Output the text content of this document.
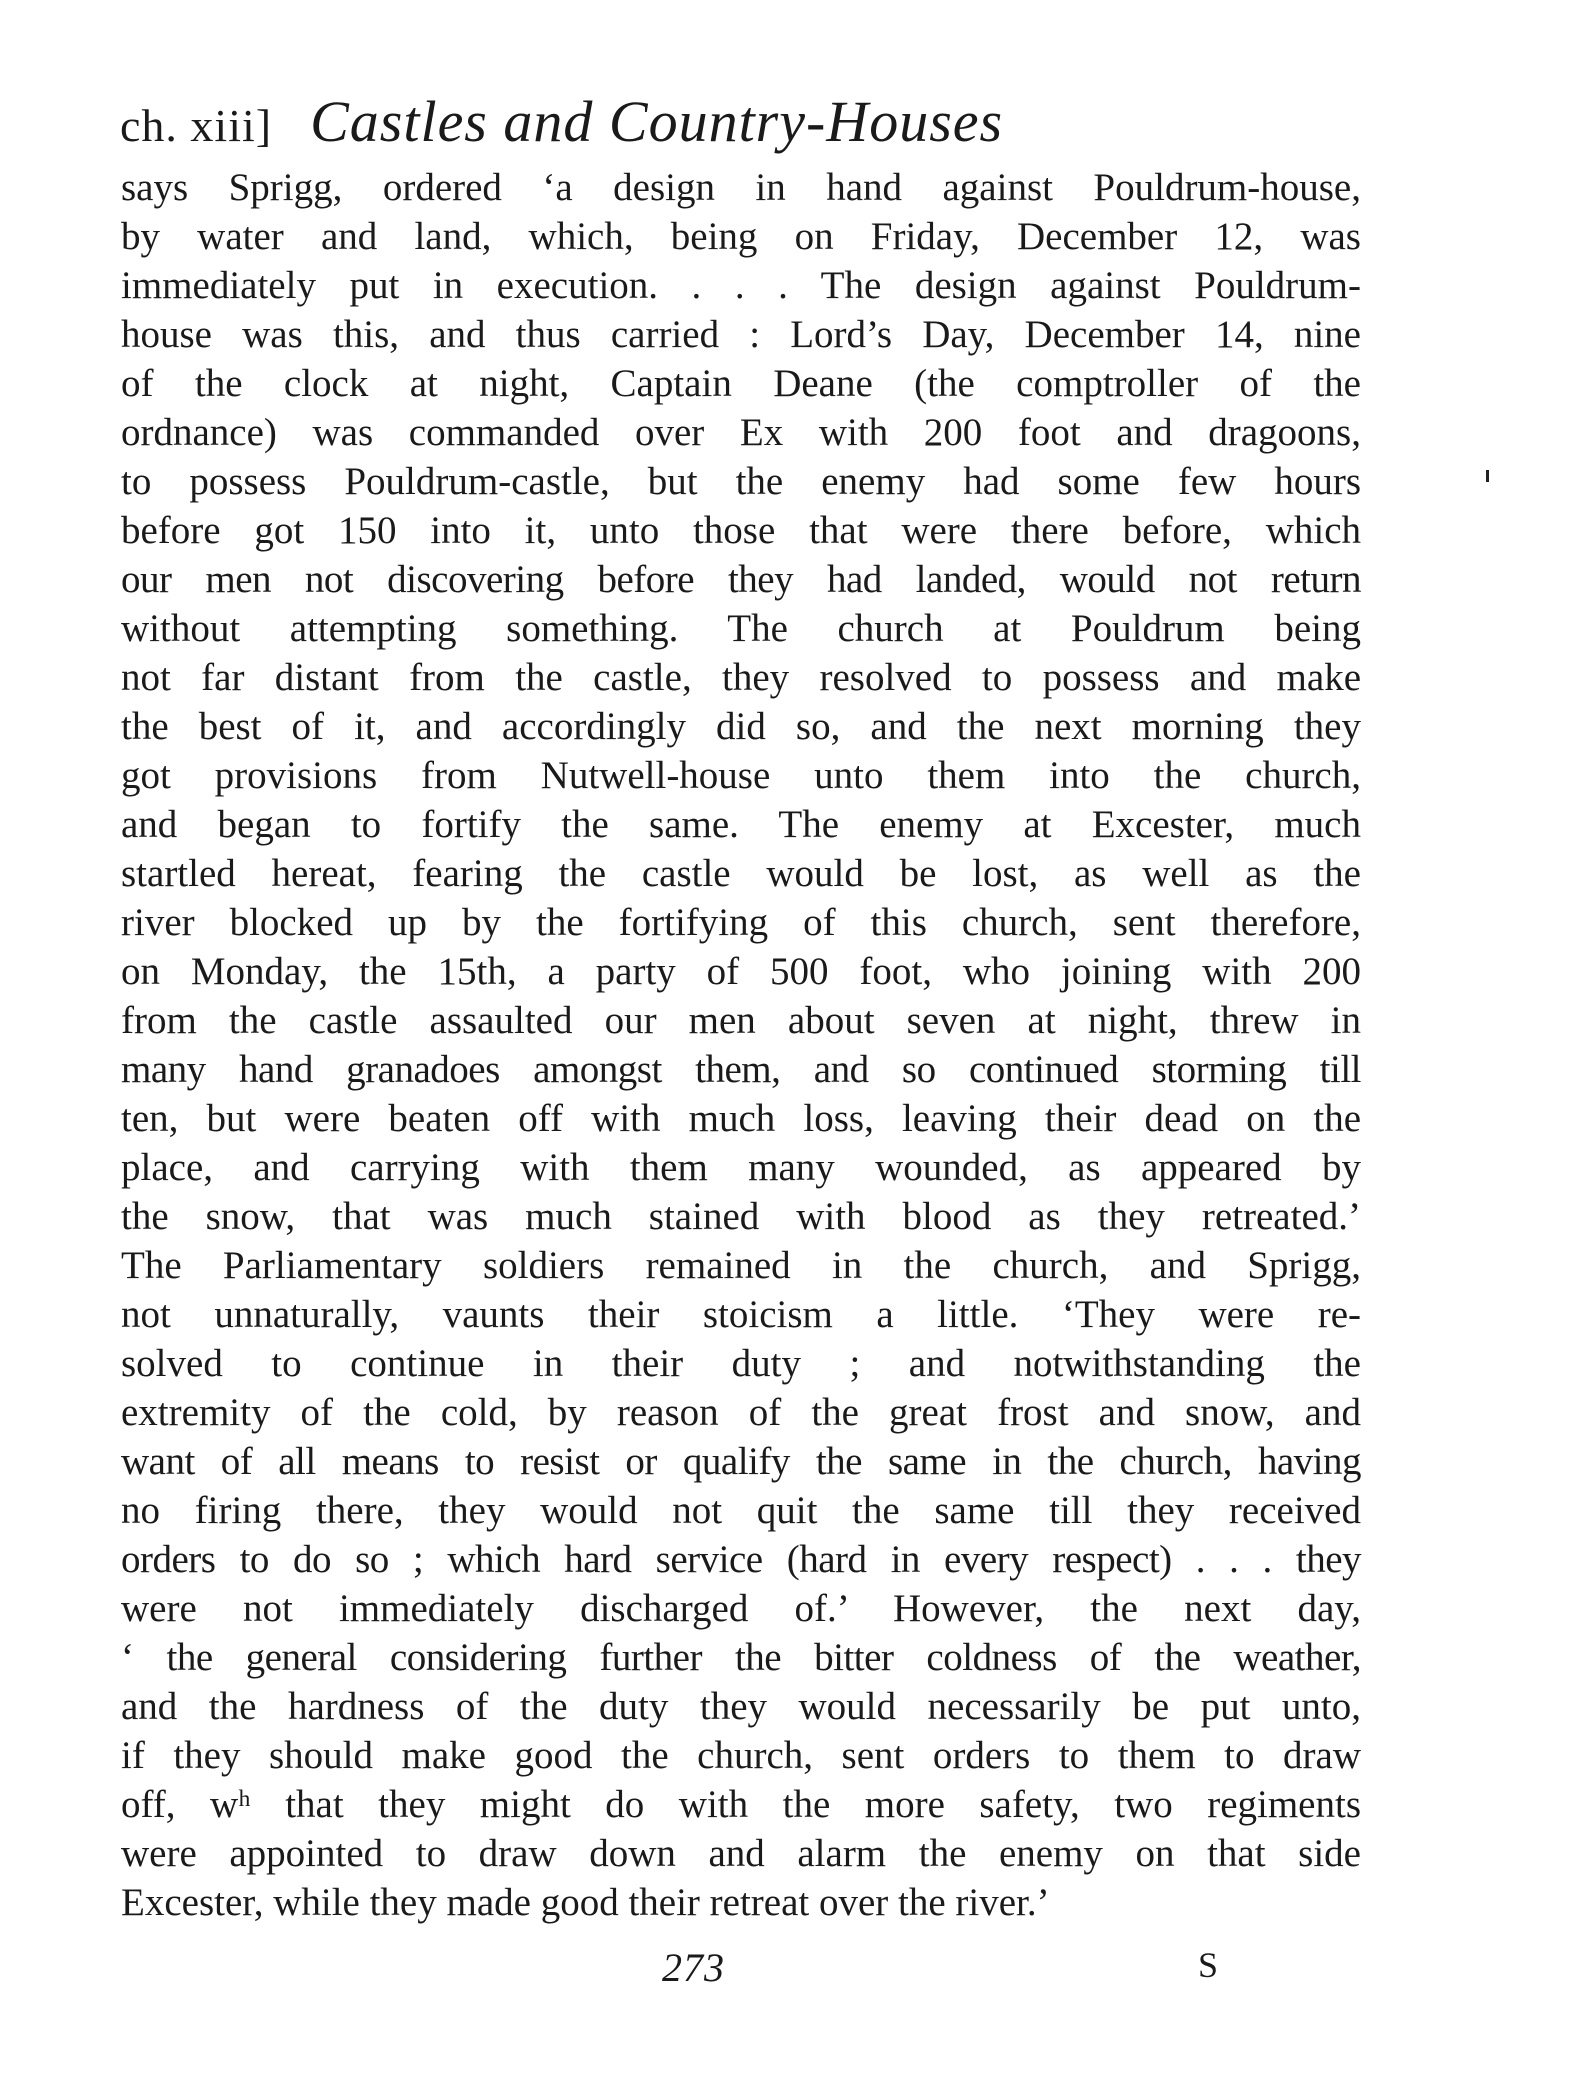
ch. xiii] Castles and Country-Houses
says Sprigg, ordered ‘a design in hand against Pouldrum-house,
by water and land, which, being on Friday, December 12, was
immediately put in execution. . . . The design against Pouldrum-
house was this, and thus carried : Lord’s Day, December 14, nine
of the clock at night, Captain Deane (the comptroller of the
ordnance) was commanded over Ex with 200 foot and dragoons,
to possess Pouldrum-castle, but the enemy had some few hours
before got 150 into it, unto those that were there before, which
our men not discovering before they had landed, would not return
without attempting something. The church at Pouldrum being
not far distant from the castle, they resolved to possess and make
the best of it, and accordingly did so, and the next morning they
got provisions from Nutwell-house unto them into the church,
and began to fortify the same. The enemy at Excester, much
startled hereat, fearing the castle would be lost, as well as the
river blocked up by the fortifying of this church, sent therefore,
on Monday, the 15th, a party of 500 foot, who joining with 200
from the castle assaulted our men about seven at night, threw in
many hand granadoes amongst them, and so continued storming till
ten, but were beaten off with much loss, leaving their dead on the
place, and carrying with them many wounded, as appeared by
the snow, that was much stained with blood as they retreated.’
The Parliamentary soldiers remained in the church, and Sprigg,
not unnaturally, vaunts their stoicism a little. ‘They were re-
solved to continue in their duty ; and notwithstanding the
extremity of the cold, by reason of the great frost and snow, and
want of all means to resist or qualify the same in the church, having
no firing there, they would not quit the same till they received
orders to do so ; which hard service (hard in every respect) . . . they
were not immediately discharged of.’ However, the next day,
‘ the general considering further the bitter coldness of the weather,
and the hardness of the duty they would necessarily be put unto,
if they should make good the church, sent orders to them to draw
off, wʰ that they might do with the more safety, two regiments
were appointed to draw down and alarm the enemy on that side
Excester, while they made good their retreat over the river.’
273	S
